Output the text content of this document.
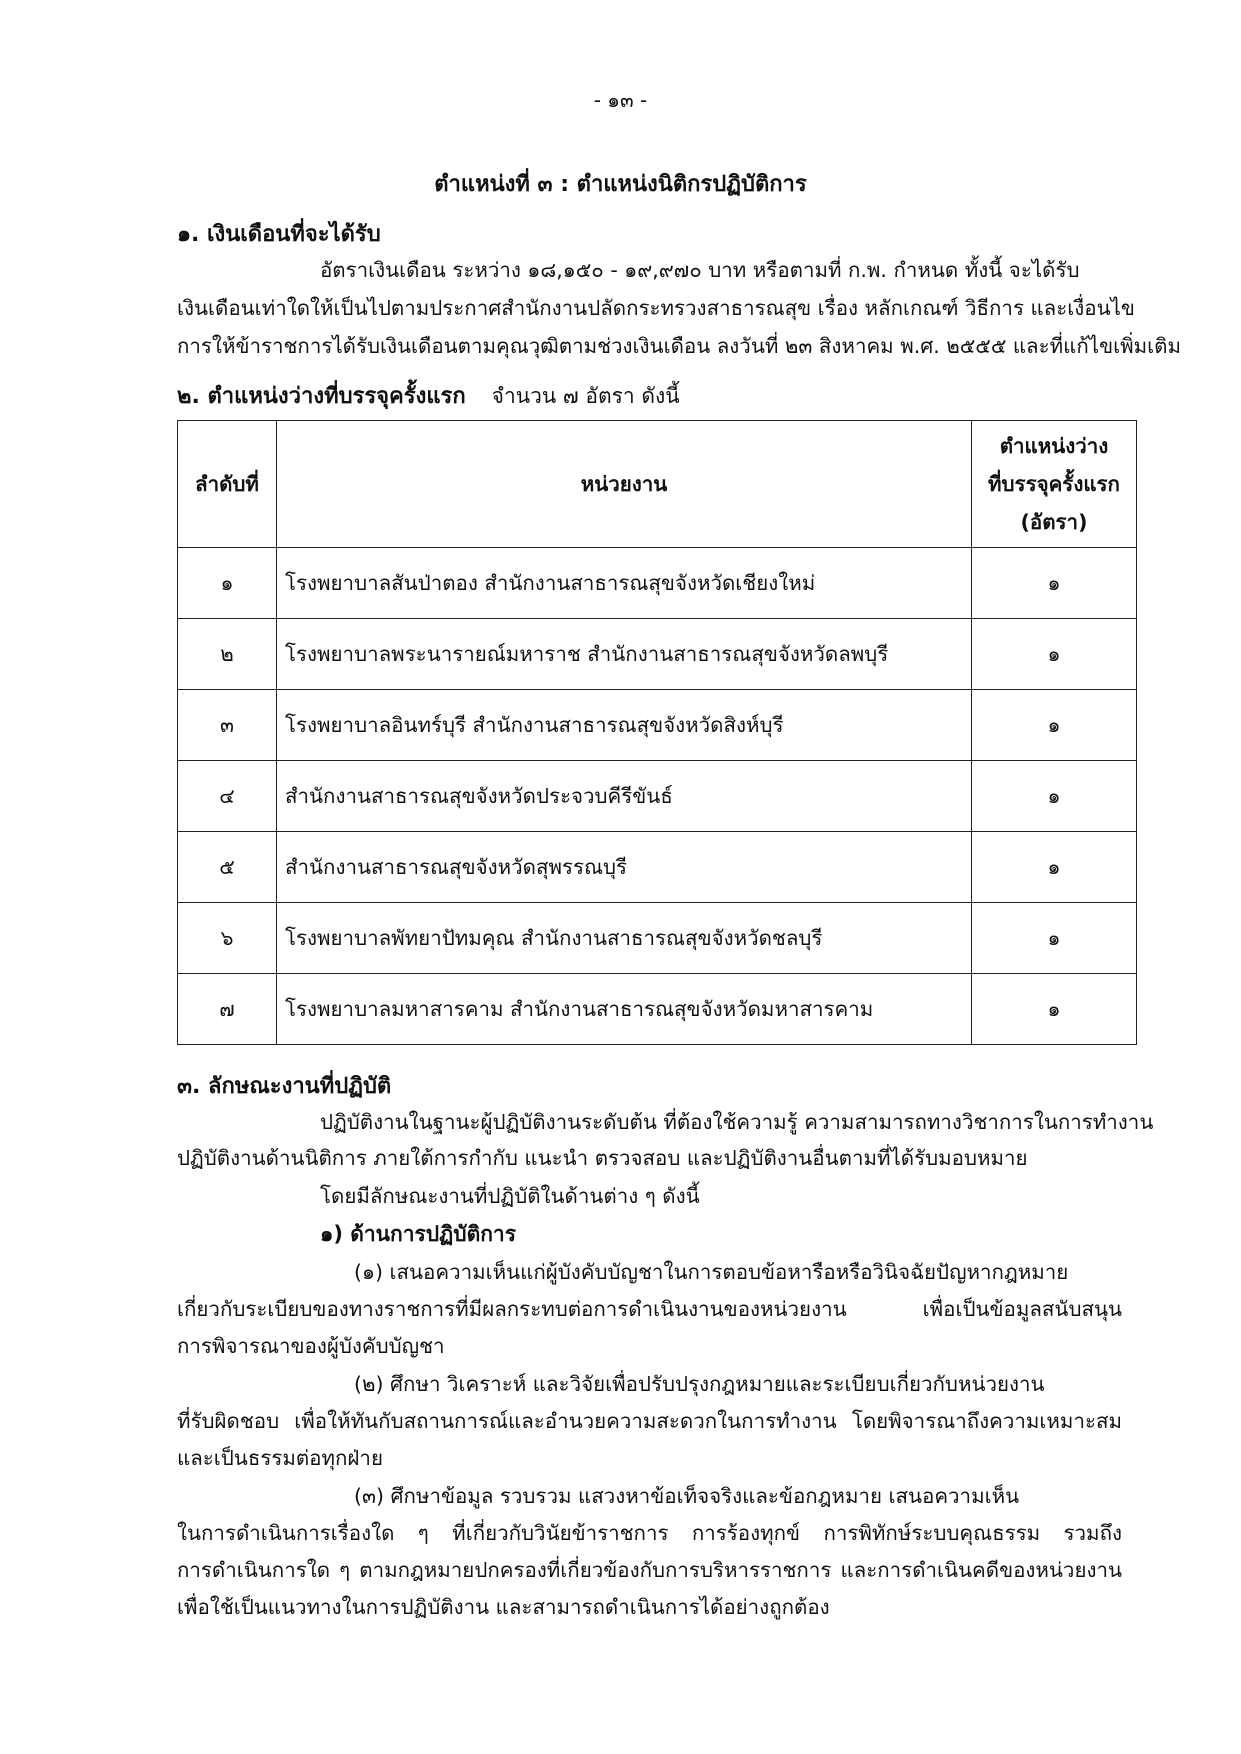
- ๑๓ -
ตำแหน่งที่ ๓ : ตำแหน่งนิติกรปฏิบัติการ
๑. เงินเดือนที่จะได้รับ
อัตราเงินเดือน ระหว่าง ๑๘,๑๕๐ - ๑๙,๙๗๐ บาท หรือตามที่ ก.พ. กำหนด ทั้งนี้ จะได้รับ
เงินเดือนเท่าใดให้เป็นไปตามประกาศสำนักงานปลัดกระทรวงสาธารณสุข เรื่อง หลักเกณฑ์ วิธีการ และเงื่อนไข
การให้ข้าราชการได้รับเงินเดือนตามคุณวุฒิตามช่วงเงินเดือน ลงวันที่ ๒๓ สิงหาคม พ.ศ. ๒๕๕๕ และที่แก้ไขเพิ่มเติม
๒. ตำแหน่งว่างที่บรรจุครั้งแรก จำนวน ๗ อัตรา ดังนี้
ลำดับที่	หน่วยงาน	ตำแหน่งว่าง
ที่บรรจุครั้งแรก
(อัตรา)

๑	โรงพยาบาลสันป่าตอง สำนักงานสาธารณสุขจังหวัดเชียงใหม่	๑
๒	โรงพยาบาลพระนารายณ์มหาราช สำนักงานสาธารณสุขจังหวัดลพบุรี	๑
๓	โรงพยาบาลอินทร์บุรี สำนักงานสาธารณสุขจังหวัดสิงห์บุรี	๑
๔	สำนักงานสาธารณสุขจังหวัดประจวบคีรีขันธ์	๑
๕	สำนักงานสาธารณสุขจังหวัดสุพรรณบุรี	๑
๖	โรงพยาบาลพัทยาปัทมคุณ สำนักงานสาธารณสุขจังหวัดชลบุรี	๑
๗	โรงพยาบาลมหาสารคาม สำนักงานสาธารณสุขจังหวัดมหาสารคาม	๑
๓. ลักษณะงานที่ปฏิบัติ
ปฏิบัติงานในฐานะผู้ปฏิบัติงานระดับต้น ที่ต้องใช้ความรู้ ความสามารถทางวิชาการในการทำงาน
ปฏิบัติงานด้านนิติการ ภายใต้การกำกับ แนะนำ ตรวจสอบ และปฏิบัติงานอื่นตามที่ได้รับมอบหมาย
โดยมีลักษณะงานที่ปฏิบัติในด้านต่าง ๆ ดังนี้
๑) ด้านการปฏิบัติการ
(๑) เสนอความเห็นแก่ผู้บังคับบัญชาในการตอบข้อหารือหรือวินิจฉัยปัญหากฎหมาย
เกี่ยวกับระเบียบของทางราชการที่มีผลกระทบต่อการดำเนินงานของหน่วยงาน เพื่อเป็นข้อมูลสนับสนุน
การพิจารณาของผู้บังคับบัญชา
(๒) ศึกษา วิเคราะห์ และวิจัยเพื่อปรับปรุงกฎหมายและระเบียบเกี่ยวกับหน่วยงาน
ที่รับผิดชอบ เพื่อให้ทันกับสถานการณ์และอำนวยความสะดวกในการทำงาน โดยพิจารณาถึงความเหมาะสม
และเป็นธรรมต่อทุกฝ่าย
(๓) ศึกษาข้อมูล รวบรวม แสวงหาข้อเท็จจริงและข้อกฎหมาย เสนอความเห็น
ในการดำเนินการเรื่องใด ๆ ที่เกี่ยวกับวินัยข้าราชการ การร้องทุกข์ การพิทักษ์ระบบคุณธรรม รวมถึง
การดำเนินการใด ๆ ตามกฎหมายปกครองที่เกี่ยวข้องกับการบริหารราชการ และการดำเนินคดีของหน่วยงาน
เพื่อใช้เป็นแนวทางในการปฏิบัติงาน และสามารถดำเนินการได้อย่างถูกต้อง
